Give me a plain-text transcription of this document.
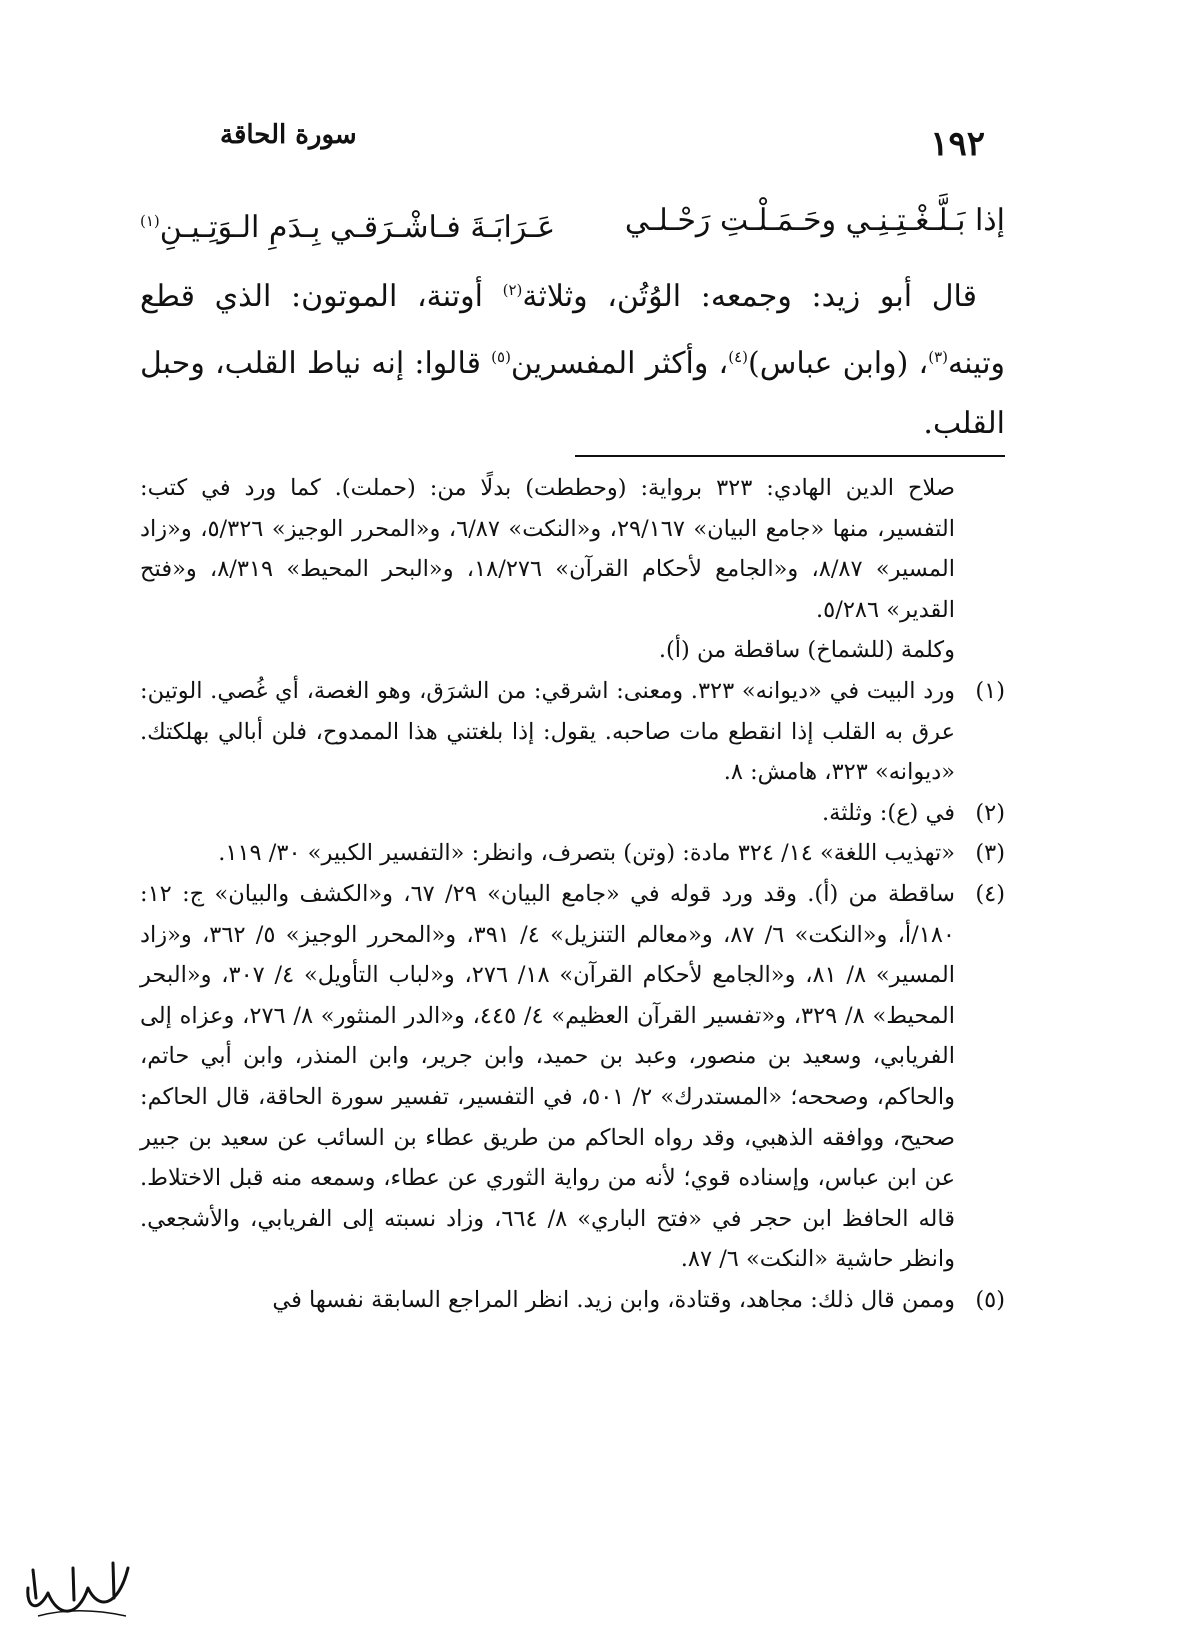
١٩٢
سورة الحاقة
إذا بَـلَّـغْـتِـنِـي وحَـمَـلْـتِ رَحْـلـي
عَـرَابَـةَ فـاشْـرَقـي بِـدَمِ الـوَتِـيـنِ$^{(١)}$

قال أبو زيد: وجمعه: الوُتُن، وثلاثة$^{(٢)}$ أوتنة، الموتون: الذي قطع وتينه$^{(٣)}$، (وابن عباس)$^{(٤)}$، وأكثر المفسرين$^{(٥)}$ قالوا: إنه نياط القلب، وحبل القلب.

صلاح الدين الهادي: ٣٢٣ برواية: (وحططت) بدلًا من: (حملت). كما ورد في كتب: التفسير، منها «جامع البيان» ٢٩/١٦٧، و«النكت» ٦/٨٧، و«المحرر الوجيز» ٥/٣٢٦، و«زاد المسير» ٨/٨٧، و«الجامع لأحكام القرآن» ١٨/٢٧٦، و«البحر المحيط» ٨/٣١٩، و«فتح القدير» ٥/٢٨٦.

وكلمة (للشماخ) ساقطة من (أ).

(١)
ورد البيت في «ديوانه» ٣٢٣. ومعنى: اشرقي: من الشرَق، وهو الغصة، أي غُصي. الوتين: عرق به القلب إذا انقطع مات صاحبه. يقول: إذا بلغتني هذا الممدوح، فلن أبالي بهلكتك. «ديوانه» ٣٢٣، هامش: ٨.

(٢)
في (ع): وثلثة.

(٣)
«تهذيب اللغة» ١٤/ ٣٢٤ مادة: (وتن) بتصرف، وانظر: «التفسير الكبير» ٣٠/ ١١٩.

(٤)
ساقطة من (أ). وقد ورد قوله في «جامع البيان» ٢٩/ ٦٧، و«الكشف والبيان» ج: ١٢: ١٨٠/أ، و«النكت» ٦/ ٨٧، و«معالم التنزيل» ٤/ ٣٩١، و«المحرر الوجيز» ٥/ ٣٦٢، و«زاد المسير» ٨/ ٨١، و«الجامع لأحكام القرآن» ١٨/ ٢٧٦، و«لباب التأويل» ٤/ ٣٠٧، و«البحر المحيط» ٨/ ٣٢٩، و«تفسير القرآن العظيم» ٤/ ٤٤٥، و«الدر المنثور» ٨/ ٢٧٦، وعزاه إلى الفريابي، وسعيد بن منصور، وعبد بن حميد، وابن جرير، وابن المنذر، وابن أبي حاتم، والحاكم، وصححه؛ «المستدرك» ٢/ ٥٠١، في التفسير، تفسير سورة الحاقة، قال الحاكم: صحيح، ووافقه الذهبي، وقد رواه الحاكم من طريق عطاء بن السائب عن سعيد بن جبير عن ابن عباس، وإسناده قوي؛ لأنه من رواية الثوري عن عطاء، وسمعه منه قبل الاختلاط. قاله الحافظ ابن حجر في «فتح الباري» ٨/ ٦٦٤، وزاد نسبته إلى الفريابي، والأشجعي. وانظر حاشية «النكت» ٦/ ٨٧.

(٥)
وممن قال ذلك: مجاهد، وقتادة، وابن زيد. انظر المراجع السابقة نفسها في
